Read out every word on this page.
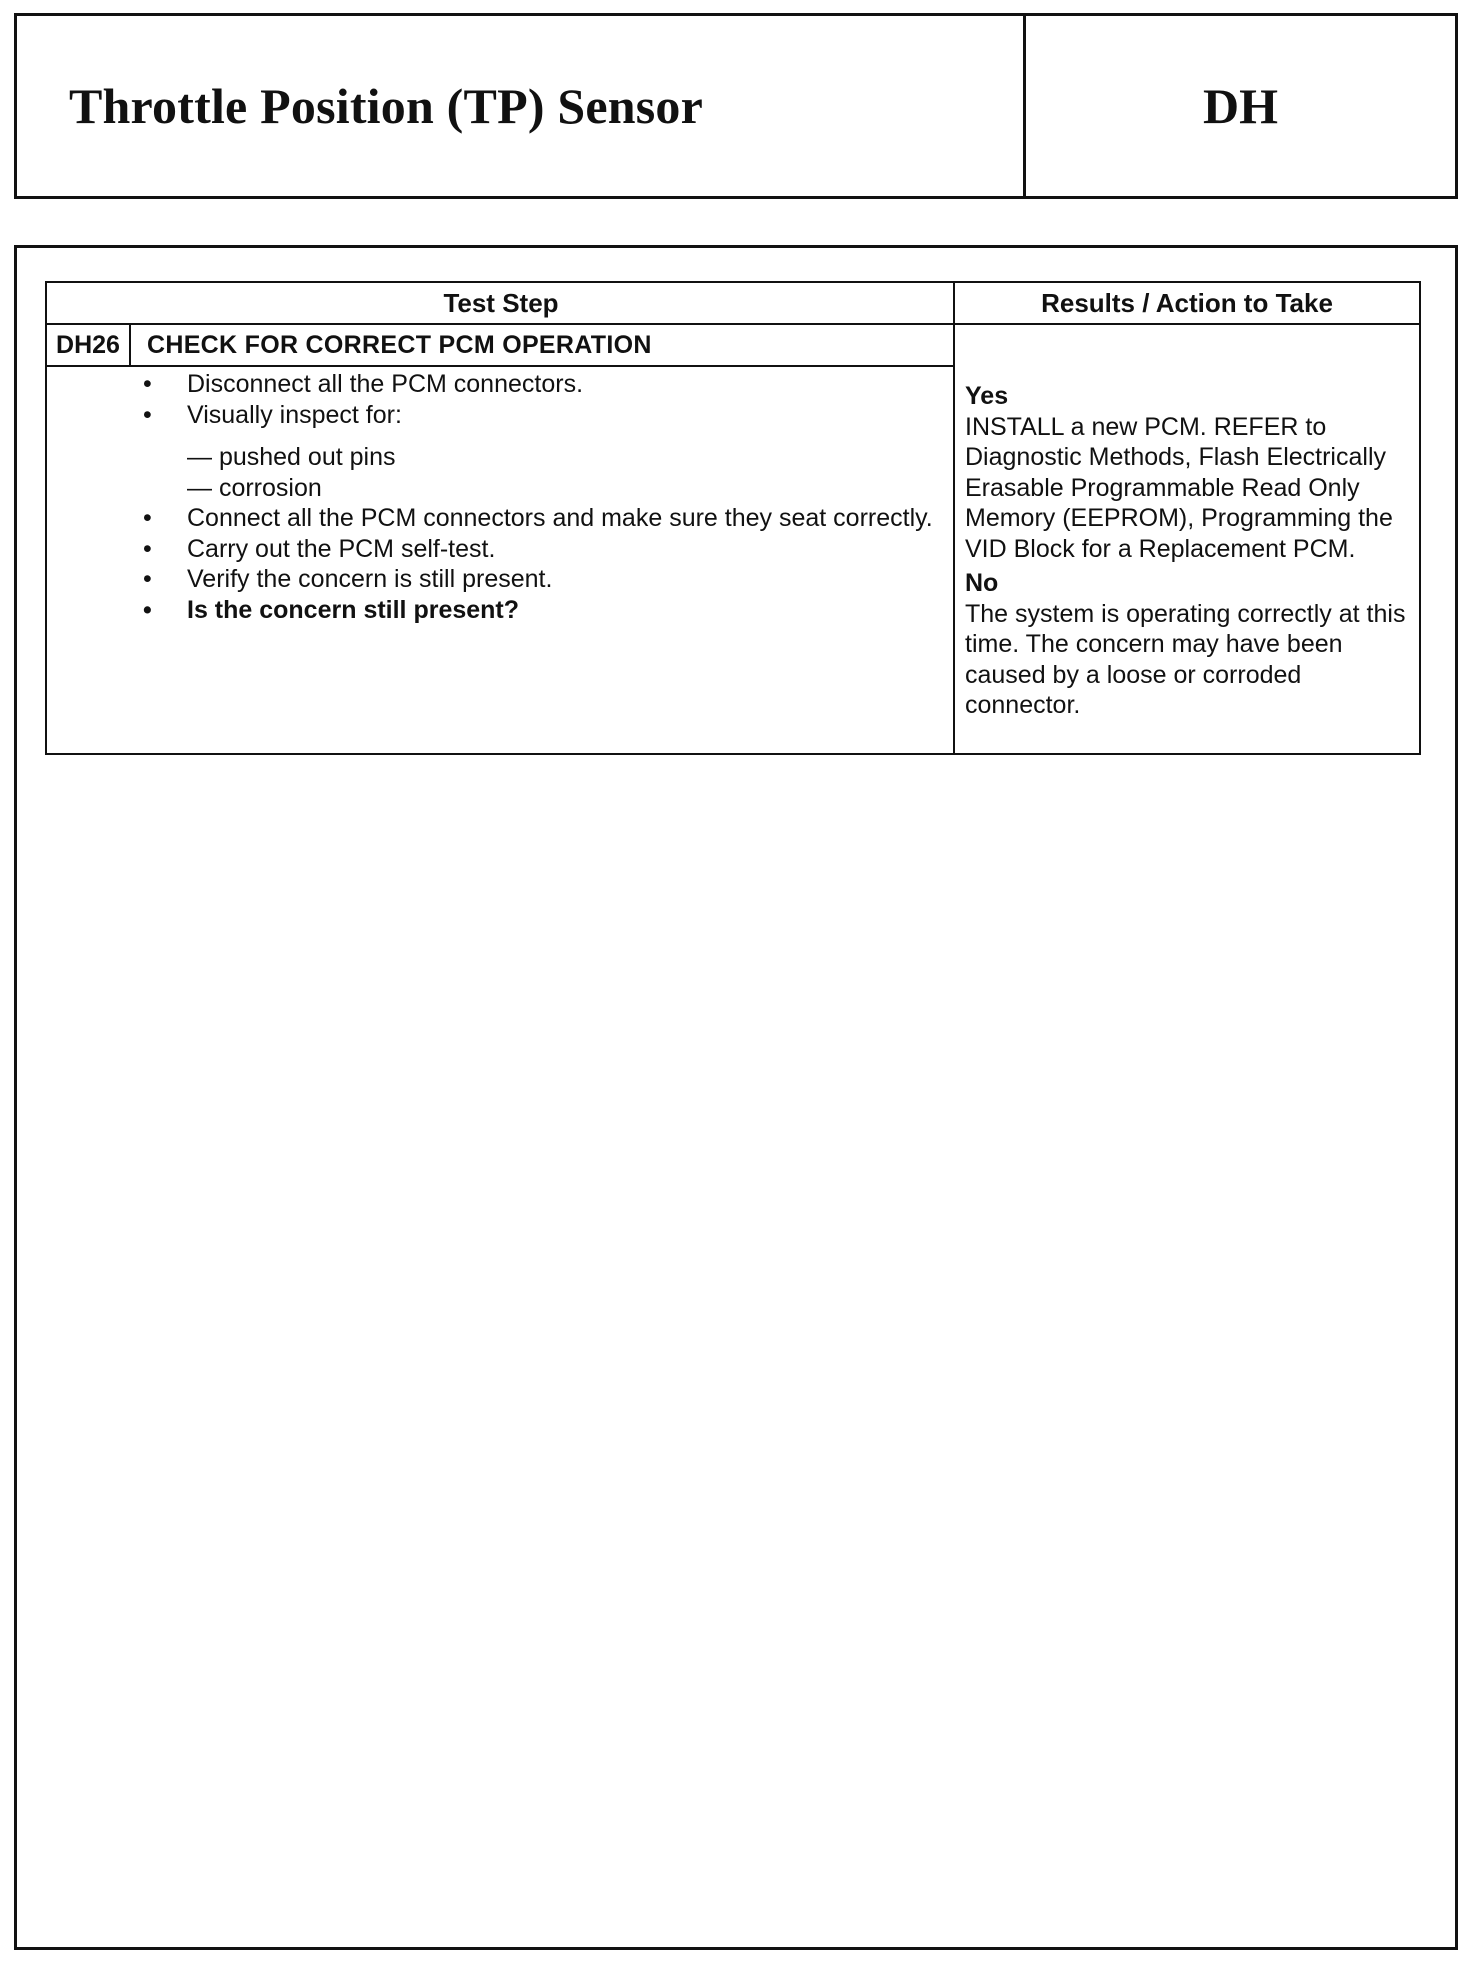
Throttle Position (TP) Sensor	DH
Test Step	Results / Action to Take
DH26	CHECK FOR CORRECT PCM OPERATION
• Disconnect all the PCM connectors.
• Visually inspect for:
— pushed out pins
— corrosion
• Connect all the PCM connectors and make sure they seat correctly.
• Carry out the PCM self-test.
• Verify the concern is still present.
• Is the concern still present?
Yes
INSTALL a new PCM. REFER to Diagnostic Methods, Flash Electrically Erasable Programmable Read Only Memory (EEPROM), Programming the VID Block for a Replacement PCM.
No
The system is operating correctly at this time. The concern may have been caused by a loose or corroded connector.
